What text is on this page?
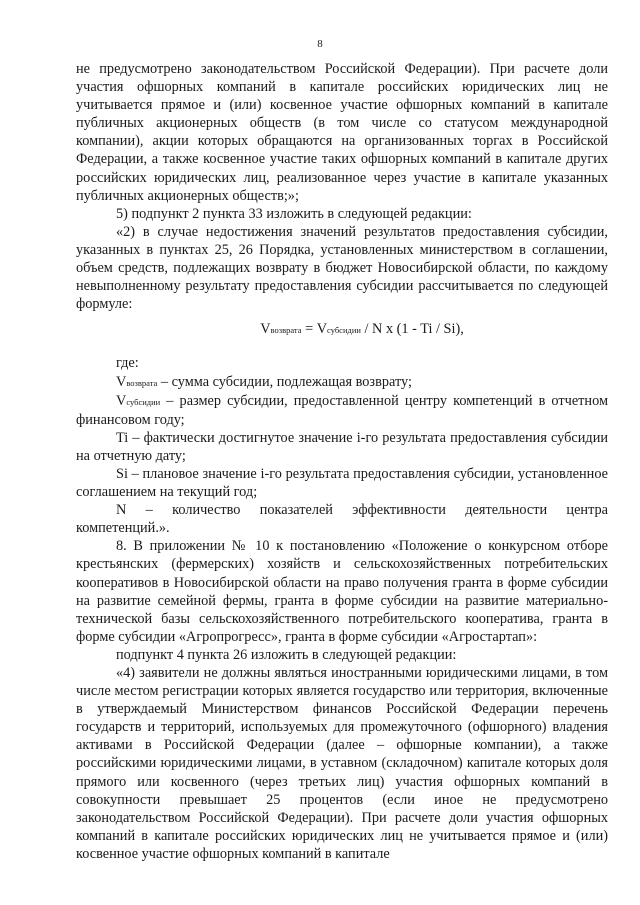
8

не предусмотрено законодательством Российской Федерации). При расчете доли участия офшорных компаний в капитале российских юридических лиц не учитывается прямое и (или) косвенное участие офшорных компаний в капитале публичных акционерных обществ (в том числе со статусом международной компании), акции которых обращаются на организованных торгах в Российской Федерации, а также косвенное участие таких офшорных компаний в капитале других российских юридических лиц, реализованное через участие в капитале указанных публичных акционерных обществ;»;

5) подпункт 2 пункта 33 изложить в следующей редакции:

«2) в случае недостижения значений результатов предоставления субсидии, указанных в пунктах 25, 26 Порядка, установленных министерством в соглашении, объем средств, подлежащих возврату в бюджет Новосибирской области, по каждому невыполненному результату предоставления субсидии рассчитывается по следующей формуле:

Vвозврата = Vсубсидии / N x (1 - Ti / Si),

где:

Vвозврата – сумма субсидии, подлежащая возврату;

Vсубсидии – размер субсидии, предоставленной центру компетенций в отчетном финансовом году;

Ti – фактически достигнутое значение i-го результата предоставления субсидии на отчетную дату;

Si – плановое значение i-го результата предоставления субсидии, установленное соглашением на текущий год;

N – количество показателей эффективности деятельности центра компетенций.».

8. В приложении № 10 к постановлению «Положение о конкурсном отборе крестьянских (фермерских) хозяйств и сельскохозяйственных потребительских кооперативов в Новосибирской области на право получения гранта в форме субсидии на развитие семейной фермы, гранта в форме субсидии на развитие материально-технической базы сельскохозяйственного потребительского кооператива, гранта в форме субсидии «Агропрогресс», гранта в форме субсидии «Агростартап»:

подпункт 4 пункта 26 изложить в следующей редакции:

«4) заявители не должны являться иностранными юридическими лицами, в том числе местом регистрации которых является государство или территория, включенные в утверждаемый Министерством финансов Российской Федерации перечень государств и территорий, используемых для промежуточного (офшорного) владения активами в Российской Федерации (далее – офшорные компании), а также российскими юридическими лицами, в уставном (складочном) капитале которых доля прямого или косвенного (через третьих лиц) участия офшорных компаний в совокупности превышает 25 процентов (если иное не предусмотрено законодательством Российской Федерации). При расчете доли участия офшорных компаний в капитале российских юридических лиц не учитывается прямое и (или) косвенное участие офшорных компаний в капитале
